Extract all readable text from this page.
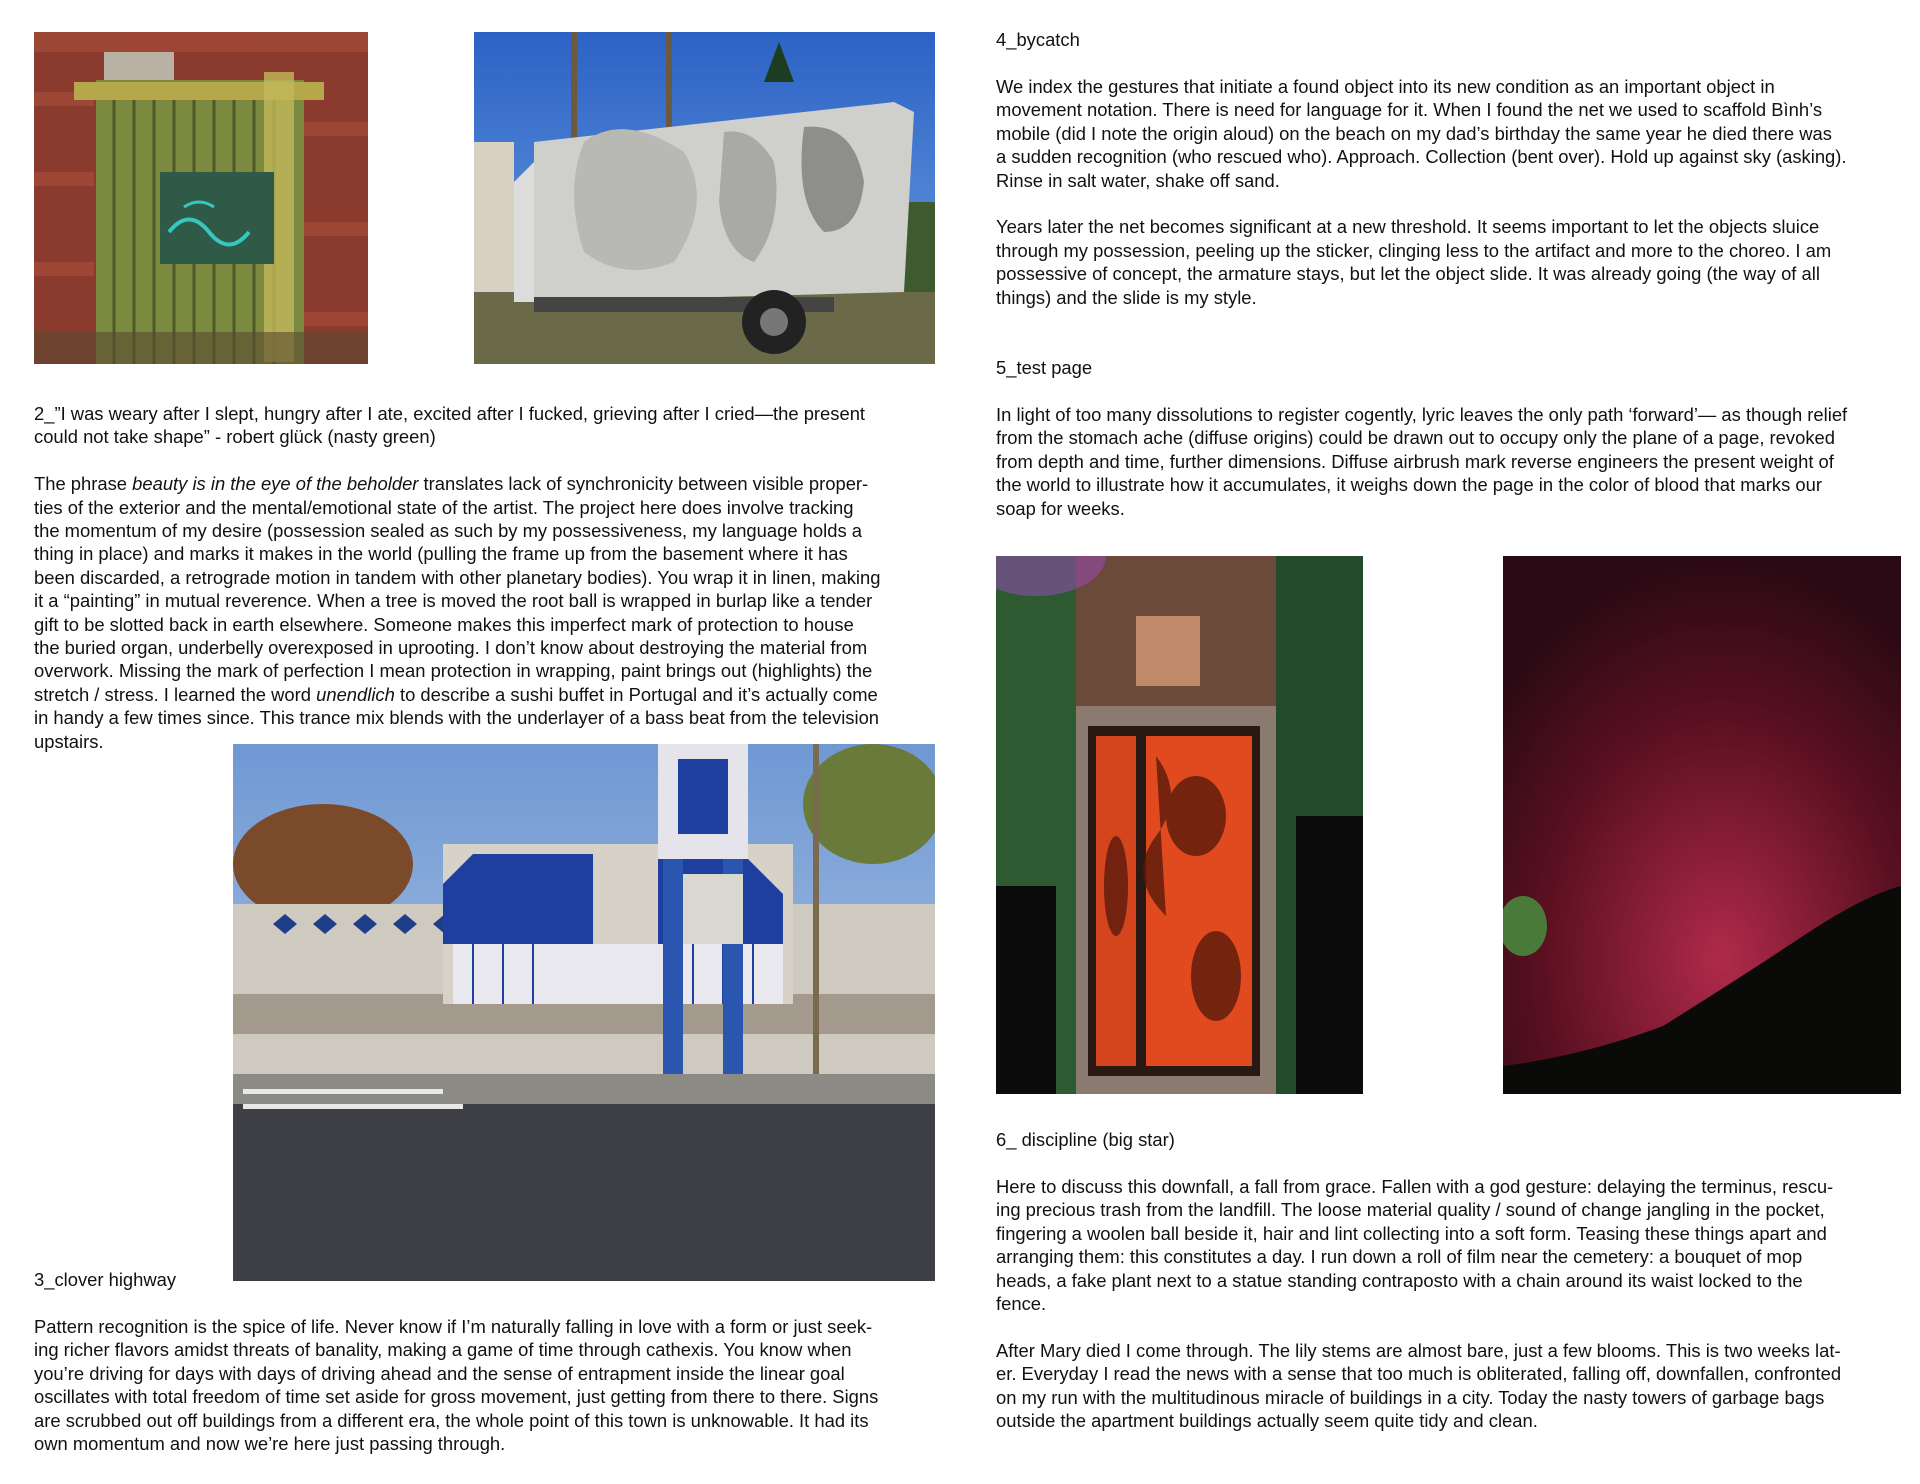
2_”I was weary after I slept, hungry after I ate, excited after I fucked, grieving after I cried—the present

could not take shape” - robert glück (nasty green)

The phrase beauty is in the eye of the beholder translates lack of synchronicity between visible proper-
ties of the exterior and the mental/emotional state of the artist. The project here does involve tracking
the momentum of my desire (possession sealed as such by my possessiveness, my language holds a
thing in place) and marks it makes in the world (pulling the frame up from the basement where it has
been discarded, a retrograde motion in tandem with other planetary bodies). You wrap it in linen, making
it a “painting” in mutual reverence. When a tree is moved the root ball is wrapped in burlap like a tender
gift to be slotted back in earth elsewhere. Someone makes this imperfect mark of protection to house
the buried organ, underbelly overexposed in uprooting. I don’t know about destroying the material from
overwork. Missing the mark of perfection I mean protection in wrapping, paint brings out (highlights) the
stretch / stress. I learned the word unendlich to describe a sushi buffet in Portugal and it’s actually come
in handy a few times since. This trance mix blends with the underlayer of a bass beat from the television
upstairs.

3_clover highway

Pattern recognition is the spice of life. Never know if I’m naturally falling in love with a form or just seek-
ing richer flavors amidst threats of banality, making a game of time through cathexis. You know when
you’re driving for days with days of driving ahead and the sense of entrapment inside the linear goal
oscillates with total freedom of time set aside for gross movement, just getting from there to there. Signs
are scrubbed out off buildings from a different era, the whole point of this town is unknowable. It had its
own momentum and now we’re here just passing through.

4_bycatch

We index the gestures that initiate a found object into its new condition as an important object in
movement notation. There is need for language for it. When I found the net we used to scaffold Bình’s
mobile (did I note the origin aloud) on the beach on my dad’s birthday the same year he died there was
a sudden recognition (who rescued who). Approach. Collection (bent over). Hold up against sky (asking).
Rinse in salt water, shake off sand.

Years later the net becomes significant at a new threshold. It seems important to let the objects sluice
through my possession, peeling up the sticker, clinging less to the artifact and more to the choreo. I am
possessive of concept, the armature stays, but let the object slide. It was already going (the way of all
things) and the slide is my style.

5_test page

In light of too many dissolutions to register cogently, lyric leaves the only path ‘forward’— as though relief
from the stomach ache (diffuse origins) could be drawn out to occupy only the plane of a page, revoked
from depth and time, further dimensions. Diffuse airbrush mark reverse engineers the present weight of
the world to illustrate how it accumulates, it weighs down the page in the color of blood that marks our
soap for weeks.

6_ discipline (big star)

Here to discuss this downfall, a fall from grace. Fallen with a god gesture: delaying the terminus, rescu-
ing precious trash from the landfill. The loose material quality / sound of change jangling in the pocket,
fingering a woolen ball beside it, hair and lint collecting into a soft form. Teasing these things apart and
arranging them: this constitutes a day. I run down a roll of film near the cemetery: a bouquet of mop
heads, a fake plant next to a statue standing contraposto with a chain around its waist locked to the
fence.

After Mary died I come through. The lily stems are almost bare, just a few blooms. This is two weeks lat-
er. Everyday I read the news with a sense that too much is obliterated, falling off, downfallen, confronted
on my run with the multitudinous miracle of buildings in a city. Today the nasty towers of garbage bags
outside the apartment buildings actually seem quite tidy and clean.
